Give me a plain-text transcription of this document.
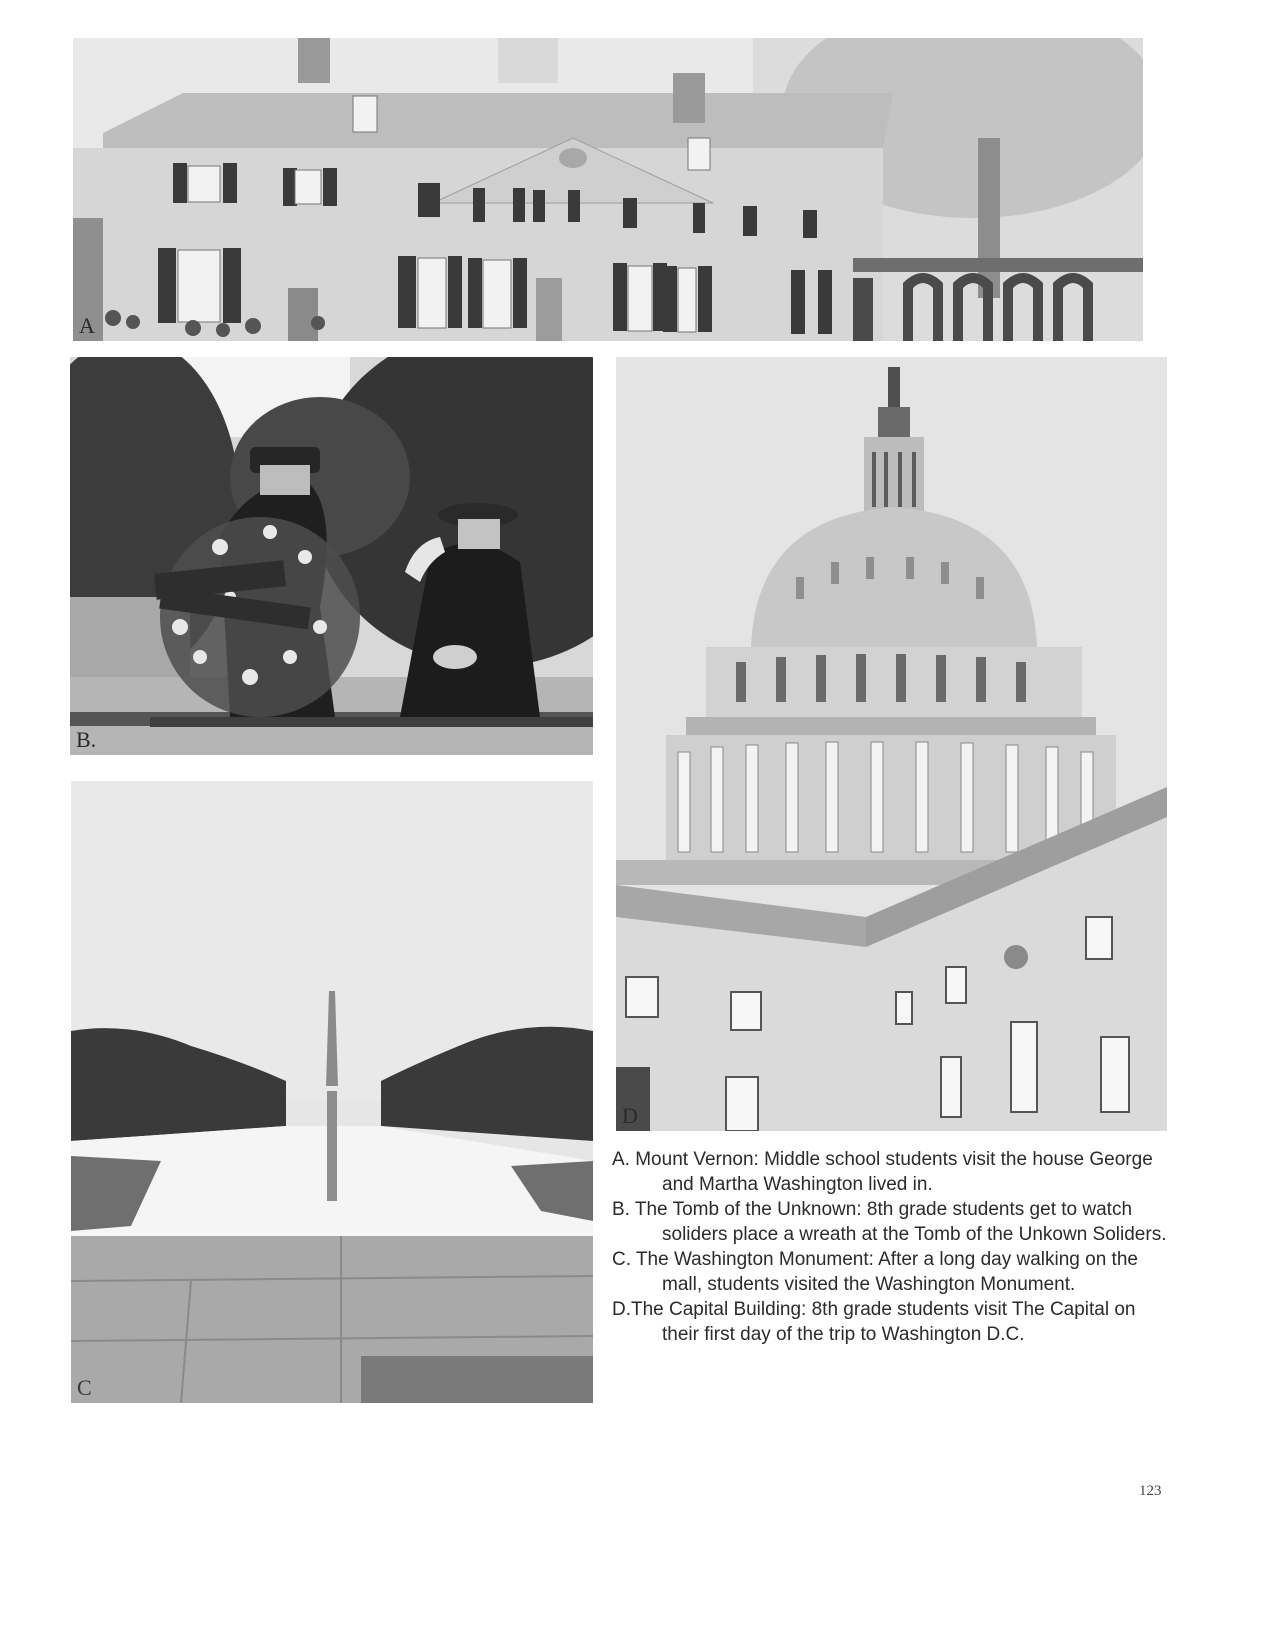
A
B.
C
D

A. Mount Vernon: Middle school students visit the house George and Martha Washington lived in.

B. The Tomb of the Unknown: 8th grade students get to watch soliders place a wreath at the Tomb of the Unkown Soliders.

C. The Washington Monument: After a long day walking on the mall, students visited the Washington Monument.

D.The Capital Building: 8th grade students visit The Capital on their first day of the trip to Washington D.C.

123
